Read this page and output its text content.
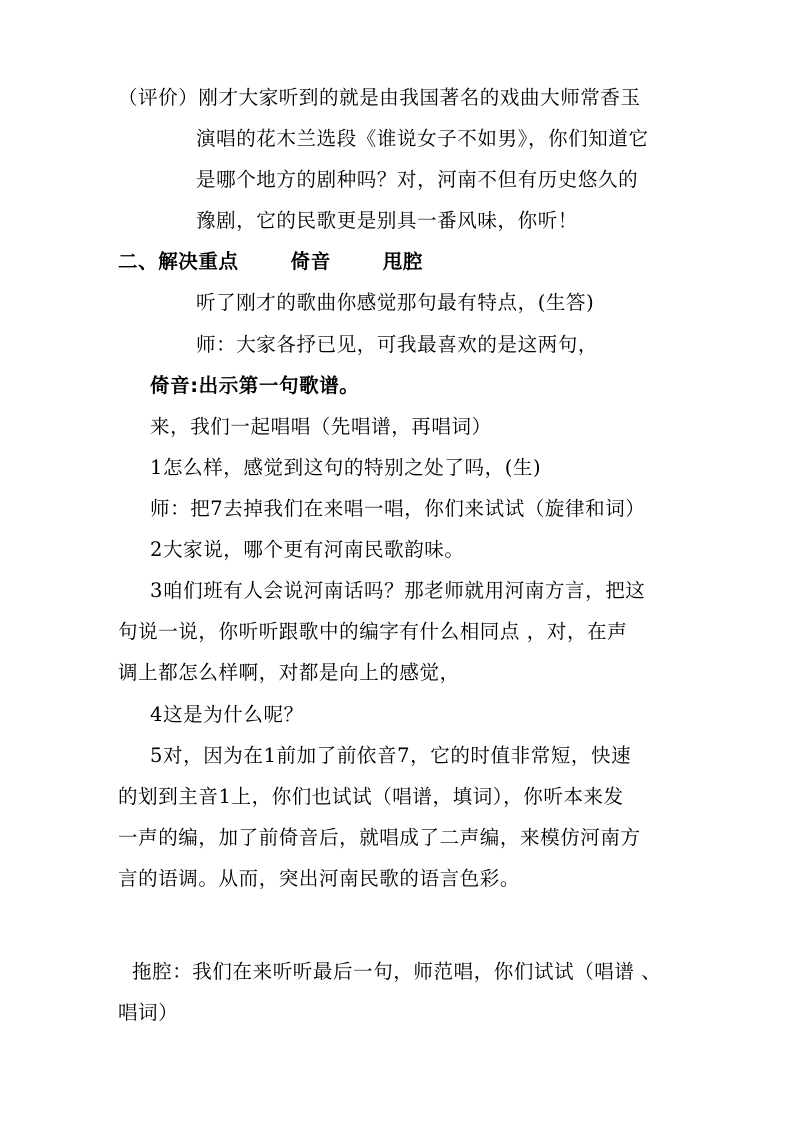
（评价）刚才大家听到的就是由我国著名的戏曲大师常香玉
演唱的花木兰选段《谁说女子不如男》，你们知道它
是哪个地方的剧种吗？对，河南不但有历史悠久的
豫剧，它的民歌更是别具一番风味，你听！
二、解决重点	倚音	甩腔
听了刚才的歌曲你感觉那句最有特点，(生答)
师：大家各抒已见，可我最喜欢的是这两句，
倚音:出示第一句歌谱。
来，我们一起唱唱（先唱谱，再唱词）
1怎么样，感觉到这句的特别之处了吗，(生)
师：把7去掉我们在来唱一唱，你们来试试（旋律和词）
2大家说，哪个更有河南民歌韵味。
3咱们班有人会说河南话吗？那老师就用河南方言，把这
句说一说，你听听跟歌中的编字有什么相同点 ，对，在声
调上都怎么样啊，对都是向上的感觉，
4这是为什么呢？
5对，因为在1前加了前依音7，它的时值非常短，快速
的划到主音1上，你们也试试（唱谱，填词），你听本来发
一声的编，加了前倚音后，就唱成了二声编，来模仿河南方
言的语调。从而，突出河南民歌的语言色彩。
拖腔：我们在来听听最后一句，师范唱，你们试试（唱谱 、
唱词）
